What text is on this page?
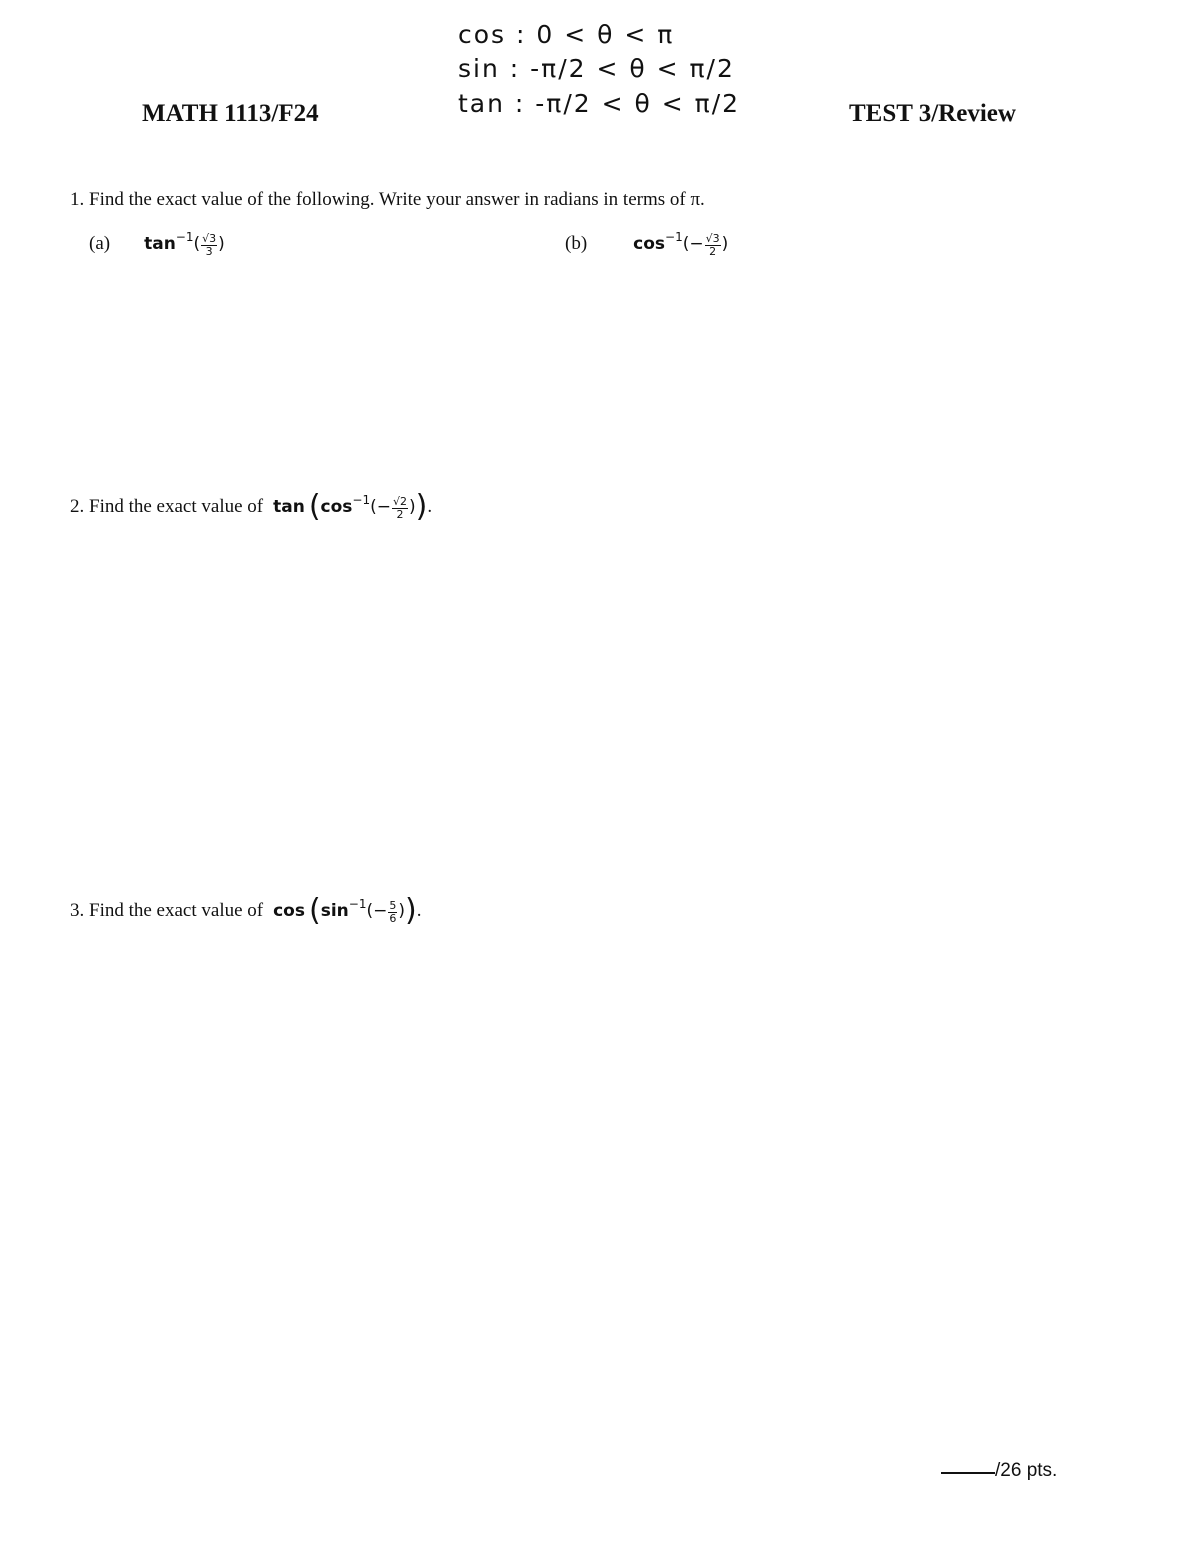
cos : 0 < θ < π
sin : -π/2 < θ < π/2
tan : -π/2 < θ < π/2
MATH 1113/F24	TEST 3/Review
1. Find the exact value of the following. Write your answer in radians in terms of π.
(a) $\tan^{-1}( \frac{√3}{3}$ )	(b)	$\cos^{-1}(- \frac{√3}{2}$ )
2. Find the exact value of $\tan (\cos^{-1}(- \frac{√2}{2}$ )).
3. Find the exact value of $\cos (\sin^{-1}(- \frac{5}{6}$ )).
/26 pts.
